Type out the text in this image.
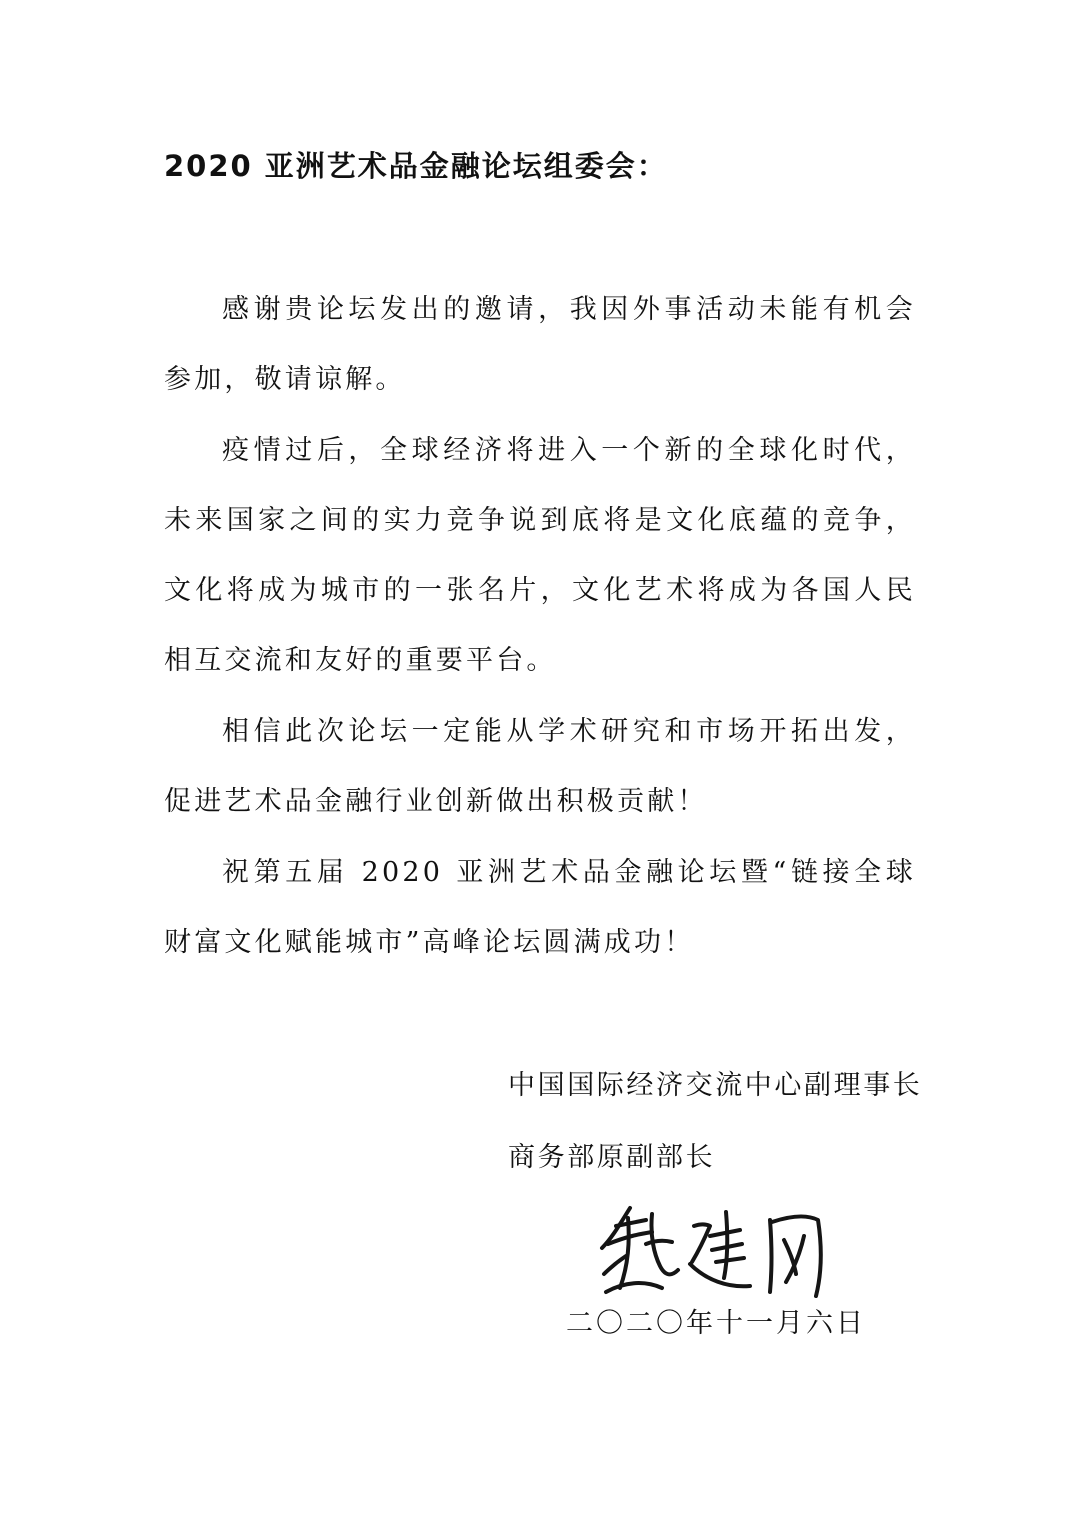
2020 亚洲艺术品金融论坛组委会：

感谢贵论坛发出的邀请，我因外事活动未能有机会参加，敬请谅解。

疫情过后，全球经济将进入一个新的全球化时代，未来国家之间的实力竞争说到底将是文化底蕴的竞争，文化将成为城市的一张名片，文化艺术将成为各国人民相互交流和友好的重要平台。

相信此次论坛一定能从学术研究和市场开拓出发，促进艺术品金融行业创新做出积极贡献！

祝第五届 2020 亚洲艺术品金融论坛暨“链接全球财富文化赋能城市”高峰论坛圆满成功！

中国国际经济交流中心副理事长
商务部原副部长
二〇二〇年十一月六日
